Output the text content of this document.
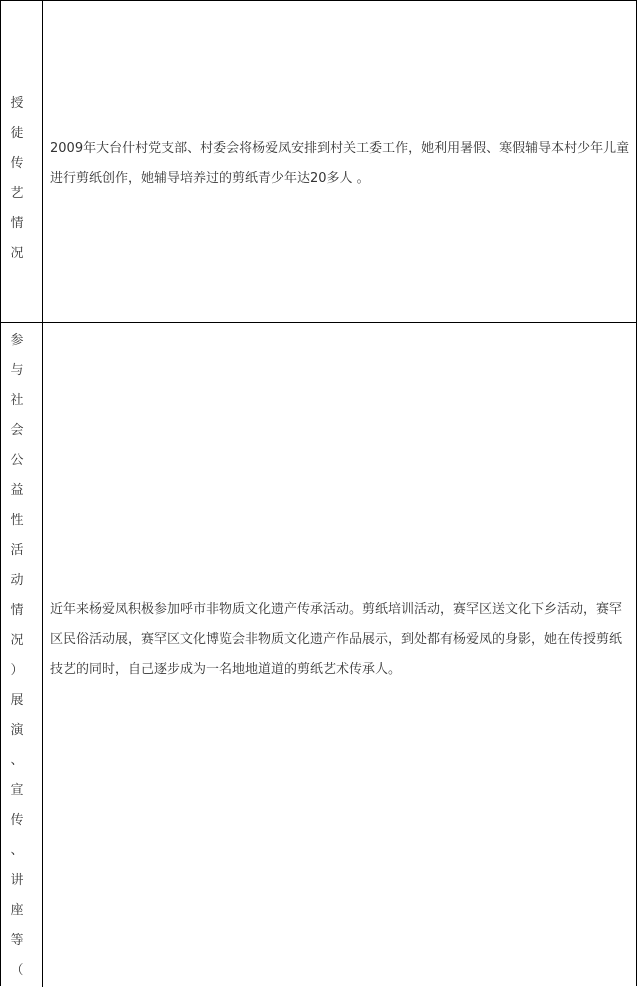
授
徒
传
艺
情
况
2009年大台什村党支部、村委会将杨爱凤安排到村关工委工作，她利用暑假、寒假辅导本村少年儿童进行剪纸创作，她辅导培养过的剪纸青少年达20多人 。
参
与
社
会
公
益
性
活
动
情
况
）
展
演
、
宣
传
、
讲
座
等
（
近年来杨爱凤积极参加呼市非物质文化遗产传承活动。剪纸培训活动，赛罕区送文化下乡活动，赛罕区民俗活动展，赛罕区文化博览会非物质文化遗产作品展示，到处都有杨爱凤的身影，她在传授剪纸技艺的同时，自己逐步成为一名地地道道的剪纸艺术传承人。
